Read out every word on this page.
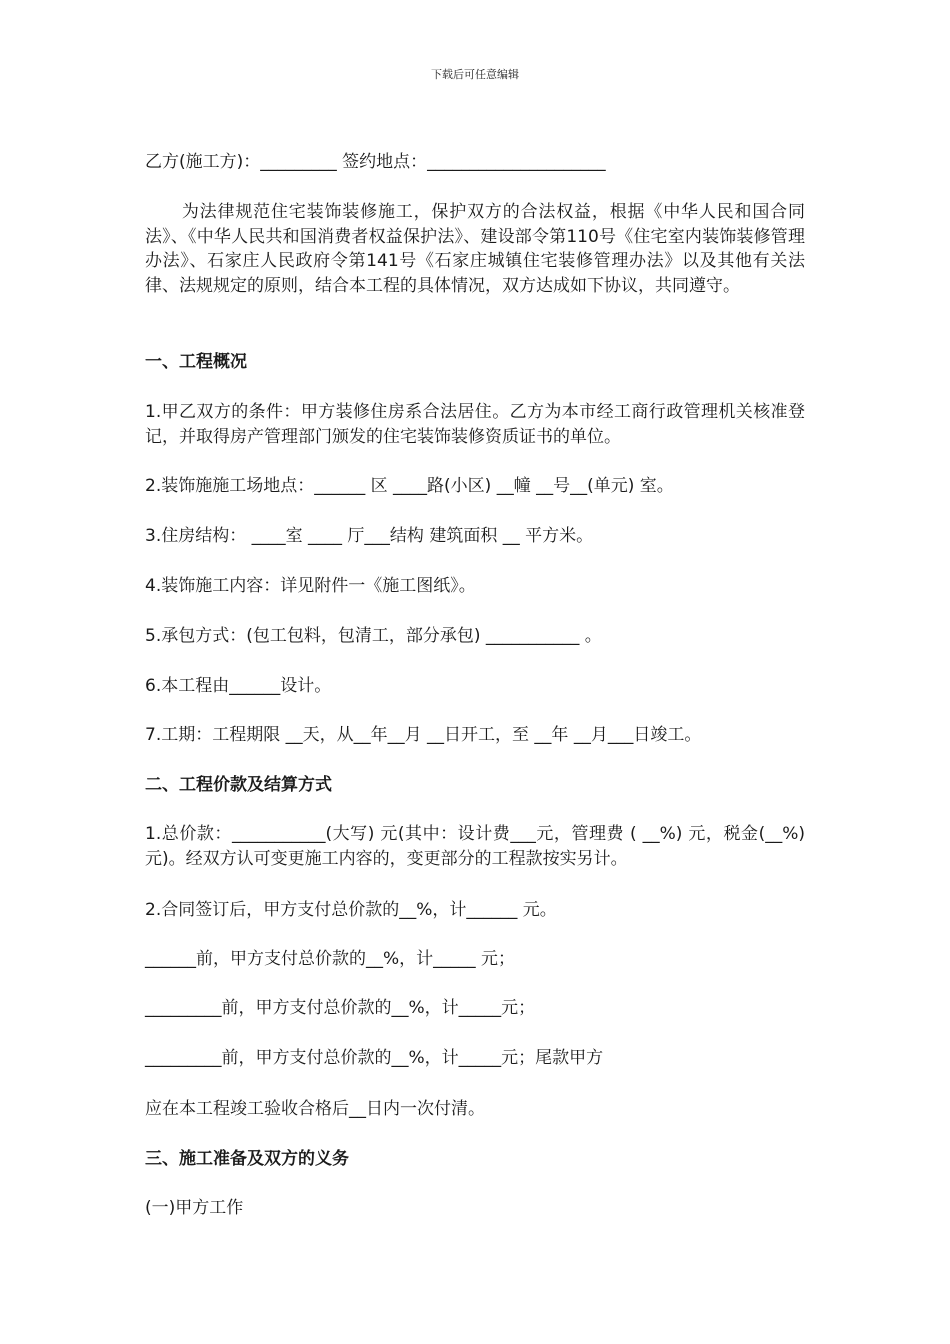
下载后可任意编辑
乙方(施工方)：_________ 签约地点：_____________________
为法律规范住宅装饰装修施工，保护双方的合法权益，根据《中华人民和国合同法》、《中华人民共和国消费者权益保护法》、建设部令第110号《住宅室内装饰装修管理办法》、石家庄人民政府令第141号《石家庄城镇住宅装修管理办法》以及其他有关法律、法规规定的原则，结合本工程的具体情况，双方达成如下协议，共同遵守。
一、工程概况
1.甲乙双方的条件：甲方装修住房系合法居住。乙方为本市经工商行政管理机关核准登记，并取得房产管理部门颁发的住宅装饰装修资质证书的单位。
2.装饰施施工场地点：______ 区 ____路(小区) __幢 __号__(单元) 室。
3.住房结构： ____室 ____ 厅___结构 建筑面积 __ 平方米。
4.装饰施工内容：详见附件一《施工图纸》。
5.承包方式：(包工包料，包清工，部分承包) ___________ 。
6.本工程由______设计。
7.工期：工程期限 __天，从__年__月 __日开工，至 __年 __月___日竣工。
二、工程价款及结算方式
1.总价款：___________(大写) 元(其中：设计费___元，管理费 ( __%) 元，税金(__%) 元)。经双方认可变更施工内容的，变更部分的工程款按实另计。
2.合同签订后，甲方支付总价款的__%，计______ 元。
______前，甲方支付总价款的__%，计_____ 元；
_________前，甲方支付总价款的__%，计_____元；
_________前，甲方支付总价款的__%，计_____元；尾款甲方
应在本工程竣工验收合格后__日内一次付清。
三、施工准备及双方的义务
(一)甲方工作
